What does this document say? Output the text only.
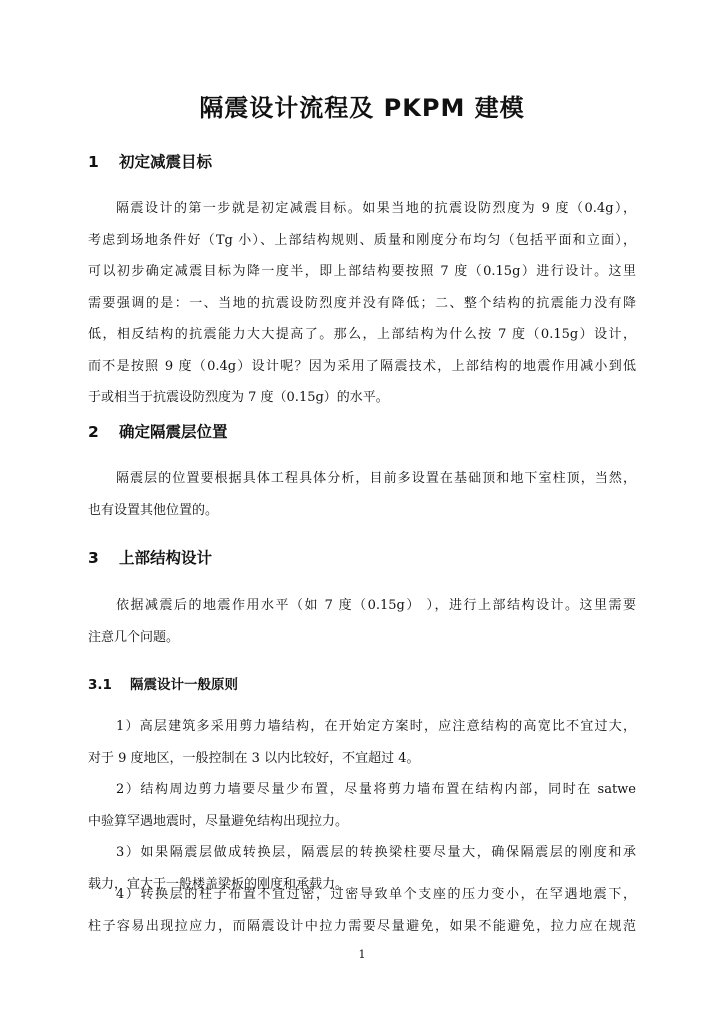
隔震设计流程及 PKPM 建模
1 初定减震目标
隔震设计的第一步就是初定减震目标。如果当地的抗震设防烈度为 9 度（0.4g），
考虑到场地条件好（Tg 小）、上部结构规则、质量和刚度分布均匀（包括平面和立面），
可以初步确定减震目标为降一度半，即上部结构要按照 7 度（0.15g）进行设计。这里
需要强调的是：一、当地的抗震设防烈度并没有降低；二、整个结构的抗震能力没有降
低，相反结构的抗震能力大大提高了。那么，上部结构为什么按 7 度（0.15g）设计，
而不是按照 9 度（0.4g）设计呢？因为采用了隔震技术，上部结构的地震作用减小到低
于或相当于抗震设防烈度为 7 度（0.15g）的水平。
2 确定隔震层位置
隔震层的位置要根据具体工程具体分析，目前多设置在基础顶和地下室柱顶，当然，
也有设置其他位置的。
3 上部结构设计
依据减震后的地震作用水平（如 7 度（0.15g） ），进行上部结构设计。这里需要
注意几个问题。
3.1 隔震设计一般原则
1）高层建筑多采用剪力墙结构，在开始定方案时，应注意结构的高宽比不宜过大，
对于 9 度地区，一般控制在 3 以内比较好，不宜超过 4。
2）结构周边剪力墙要尽量少布置，尽量将剪力墙布置在结构内部，同时在 satwe
中验算罕遇地震时，尽量避免结构出现拉力。
3）如果隔震层做成转换层，隔震层的转换梁柱要尽量大，确保隔震层的刚度和承
载力，宜大于一般楼盖梁板的刚度和承载力。
4）转换层的柱子布置不宜过密，过密导致单个支座的压力变小，在罕遇地震下，
柱子容易出现拉应力，而隔震设计中拉力需要尽量避免，如果不能避免，拉力应在规范
1
